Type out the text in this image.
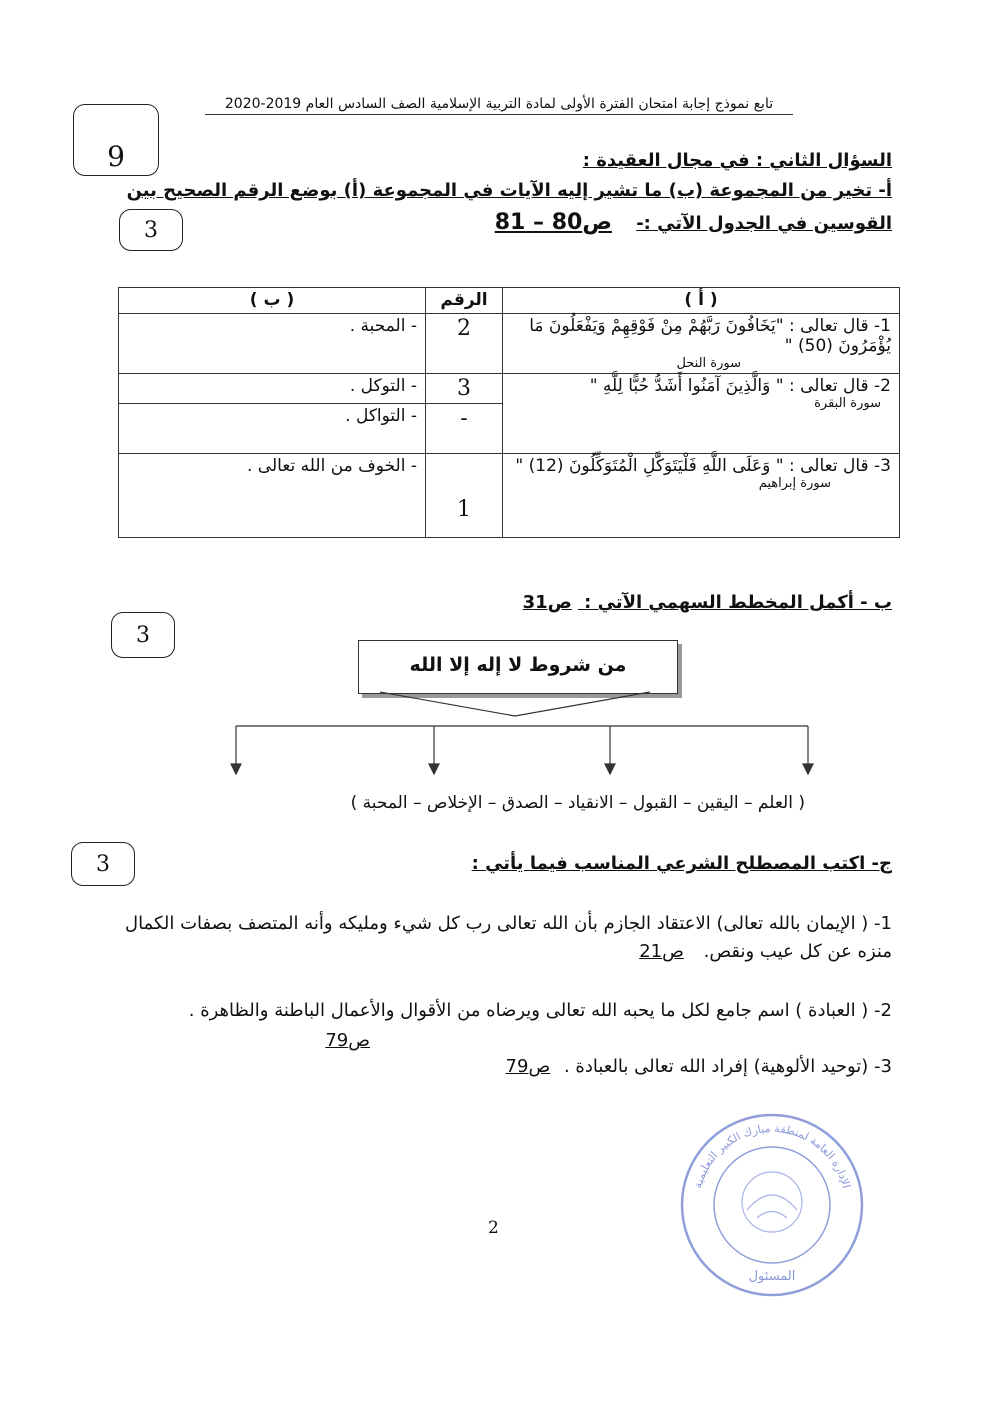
تابع نموذج إجابة امتحان الفترة الأولى لمادة التربية الإسلامية الصف السادس العام 2019-2020
9	السؤال الثاني : في مجال العقيدة :
أ- تخير من المجموعة (ب) ما تشير إليه الآيات في المجموعة (أ) بوضع الرقم الصحيح بين
القوسين في الجدول الآتي :- ص80 – 81
3
( أ )	الرقم	( ب )

1- قال تعالى : "يَخَافُونَ رَبَّهُمْ مِنْ فَوْقِهِمْ وَيَفْعَلُونَ مَا يُؤْمَرُونَ (50) "
سورة النحل	2	- المحبة .

2- قال تعالى : " وَالَّذِينَ آمَنُوا أَشَدُّ حُبًّا لِلَّهِ "
سورة البقرة	3	- التوكل .
	-	- التواكل .

3- قال تعالى : " وَعَلَى اللَّهِ فَلْيَتَوَكَّلِ الْمُتَوَكِّلُونَ (12) "
سورة إبراهيم	1	- الخوف من الله تعالى .
ب - أكمل المخطط السهمي الآتي : ص31
3
من شروط لا إله إلا الله
( العلم – اليقين – القبول – الانقياد – الصدق – الإخلاص – المحبة )
ج- اكتب المصطلح الشرعي المناسب فيما يأتي :
3
1- ( الإيمان بالله تعالى) الاعتقاد الجازم بأن الله تعالى رب كل شيء ومليكه وأنه المتصف بصفات الكمال منزه عن كل عيب ونقص. ص21
2- ( العبادة ) اسم جامع لكل ما يحبه الله تعالى ويرضاه من الأقوال والأعمال الباطنة والظاهرة .
ص79
3- (توحيد الألوهية) إفراد الله تعالى بالعبادة . ص79
الإدارة العامة لمنطقة مبارك الكبير التعليمية
المسئول
2
